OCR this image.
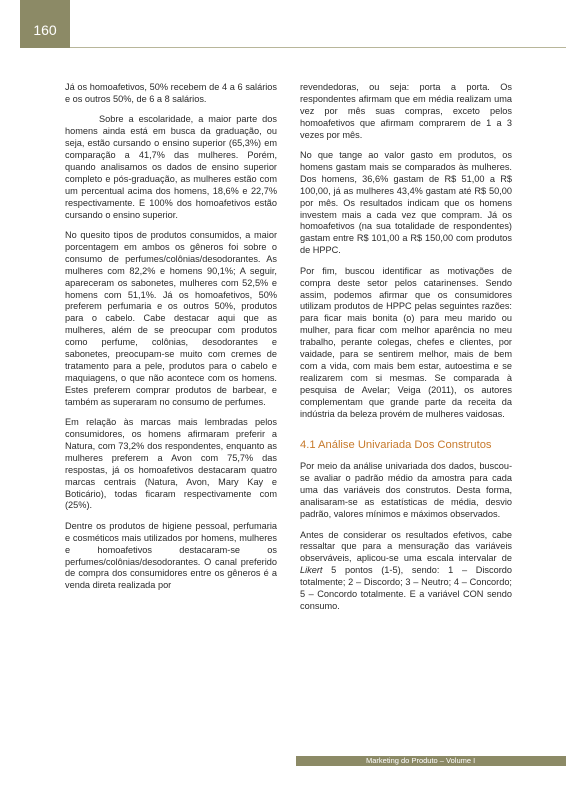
160

Já os homoafetivos, 50% recebem de 4 a 6 salários e os outros 50%, de 6 a 8 salários.

Sobre a escolaridade, a maior parte dos homens ainda está em busca da graduação, ou seja, estão cursando o ensino superior (65,3%) em comparação a 41,7% das mulheres. Porém, quando analisamos os dados de ensino superior completo e pós-graduação, as mulheres estão com um percentual acima dos homens, 18,6% e 22,7% respectivamente. E 100% dos homoafetivos estão cursando o ensino superior.

No quesito tipos de produtos consumidos, a maior porcentagem em ambos os gêneros foi sobre o consumo de perfumes/colônias/desodorantes. As mulheres com 82,2% e homens 90,1%; A seguir, apareceram os sabonetes, mulheres com 52,5% e homens com 51,1%. Já os homoafetivos, 50% preferem perfumaria e os outros 50%, produtos para o cabelo. Cabe destacar aqui que as mulheres, além de se preocupar com produtos como perfume, colônias, desodorantes e sabonetes, preocupam-se muito com cremes de tratamento para a pele, produtos para o cabelo e maquiagens, o que não acontece com os homens. Estes preferem comprar produtos de barbear, e também as superaram no consumo de perfumes.

Em relação às marcas mais lembradas pelos consumidores, os homens afirmaram preferir a Natura, com 73,2% dos respondentes, enquanto as mulheres preferem a Avon com 75,7% das respostas, já os homoafetivos destacaram quatro marcas centrais (Natura, Avon, Mary Kay e Boticário), todas ficaram respectivamente com (25%).

Dentre os produtos de higiene pessoal, perfumaria e cosméticos mais utilizados por homens, mulheres e homoafetivos destacaram-se os perfumes/colônias/desodorantes. O canal preferido de compra dos consumidores entre os gêneros é a venda direta realizada por

revendedoras, ou seja: porta a porta. Os respondentes afirmam que em média realizam uma vez por mês suas compras, exceto pelos homoafetivos que afirmam comprarem de 1 a 3 vezes por mês.

No que tange ao valor gasto em produtos, os homens gastam mais se comparados às mulheres. Dos homens, 36,6% gastam de R$ 51,00 a R$ 100,00, já as mulheres 43,4% gastam até R$ 50,00 por mês. Os resultados indicam que os homens investem mais a cada vez que compram. Já os homoafetivos (na sua totalidade de respondentes) gastam entre R$ 101,00 a R$ 150,00 com produtos de HPPC.

Por fim, buscou identificar as motivações de compra deste setor pelos catarinenses. Sendo assim, podemos afirmar que os consumidores utilizam produtos de HPPC pelas seguintes razões: para ficar mais bonita (o) para meu marido ou mulher, para ficar com melhor aparência no meu trabalho, perante colegas, chefes e clientes, por vaidade, para se sentirem melhor, mais de bem com a vida, com mais bem estar, autoestima e se realizarem com si mesmas. Se comparada à pesquisa de Avelar; Veiga (2011), os autores complementam que grande parte da receita da indústria da beleza provém de mulheres vaidosas.

4.1 Análise Univariada Dos Construtos

Por meio da análise univariada dos dados, buscou-se avaliar o padrão médio da amostra para cada uma das variáveis dos construtos. Desta forma, analisaram-se as estatísticas de média, desvio padrão, valores mínimos e máximos observados.

Antes de considerar os resultados efetivos, cabe ressaltar que para a mensuração das variáveis observáveis, aplicou-se uma escala intervalar de Likert 5 pontos (1-5), sendo: 1 – Discordo totalmente; 2 – Discordo; 3 – Neutro; 4 – Concordo; 5 – Concordo totalmente. E a variável CON sendo consumo.

Marketing do Produto – Volume I
